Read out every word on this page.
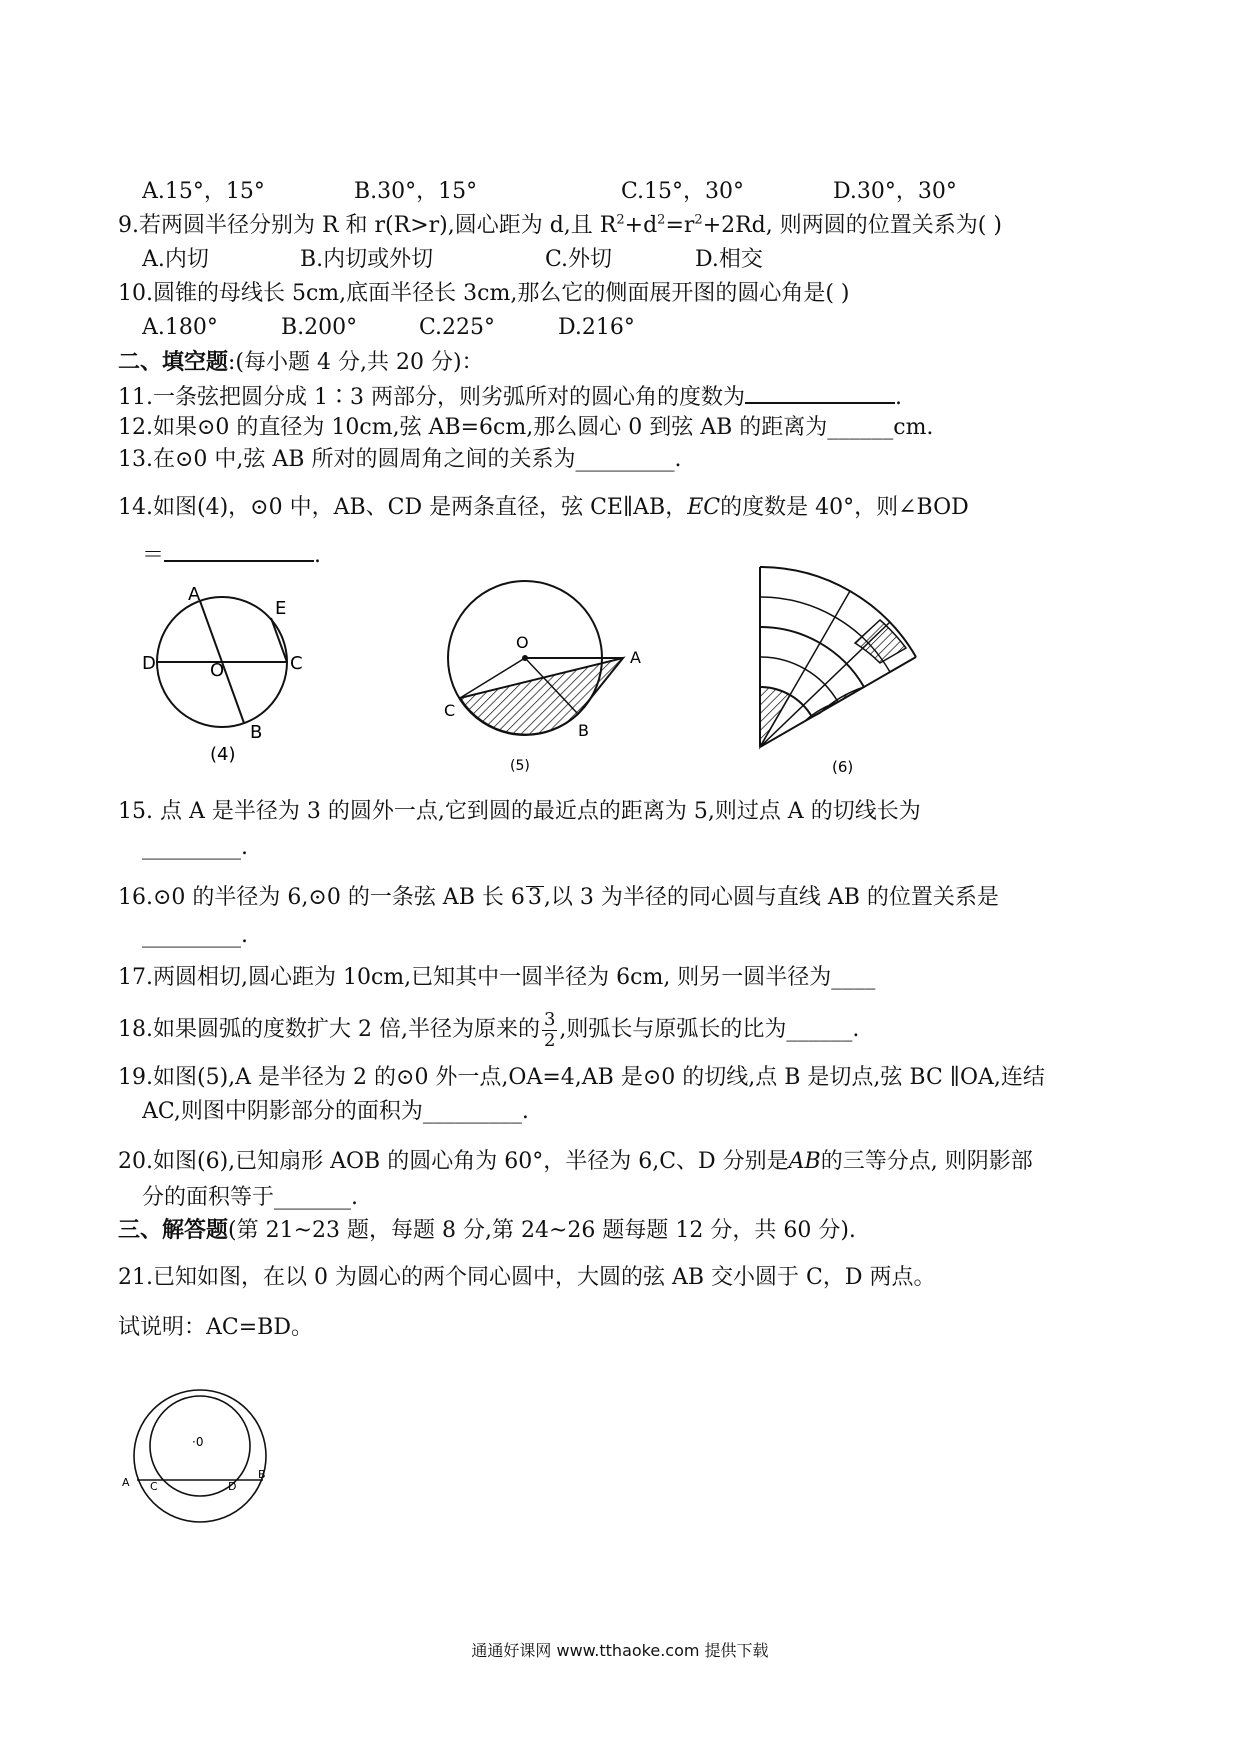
A.15°，15°	B.30°，15°	C.15°，30°	D.30°，30°
9.若两圆半径分别为 R 和 r(R>r),圆心距为 d,且 $R^2+d^2=r^2+2Rd$, 则两圆的位置关系为( )
A.内切	B.内切或外切	C.外切	D.相交
10.圆锥的母线长 5cm,底面半径长 3cm,那么它的侧面展开图的圆心角是( )
A.180°	B.200°	C.225°	D.216°
二、填空题:(每小题 4 分,共 20 分)：
11.一条弦把圆分成 1∶3 两部分，则劣弧所对的圆心角的度数为	.
12.如果⊙0 的直径为 10cm,弦 AB=6cm,那么圆心 0 到弦 AB 的距离为______cm.
13.在⊙0 中,弦 AB 所对的圆周角之间的关系为_________.
14.如图(4)，⊙0 中，AB、CD 是两条直径，弦 CE∥AB，EC的度数是 40°，则∠BOD
＝	.
A
E
D	O	C
B
(4)
O
A
C
B
(5)	(6)
15. 点 A 是半径为 3 的圆外一点,它到圆的最近点的距离为 5,则过点 A 的切线长为
_________.
16.⊙0 的半径为 6,⊙0 的一条弦 AB 长 6 3,以 3 为半径的同心圆与直线 AB 的位置关系是
_________.
17.两圆相切,圆心距为 10cm,已知其中一圆半径为 6cm, 则另一圆半径为____
18.如果圆弧的度数扩大 2 倍,半径为原来的 $\frac{3}{2}$ ,则弧长与原弧长的比为______.
19.如图(5),A 是半径为 2 的⊙0 外一点,OA=4,AB 是⊙0 的切线,点 B 是切点,弦 BC ∥OA,连结
AC,则图中阴影部分的面积为_________.
20.如图(6),已知扇形 AOB 的圆心角为 60°，半径为 6,C、D 分别是AB的三等分点, 则阴影部
分的面积等于_______.
三、解答题(第 21~23 题，每题 8 分,第 24~26 题每题 12 分，共 60 分).
21.已知如图，在以 0 为圆心的两个同心圆中，大圆的弦 AB 交小圆于 C，D 两点。
试说明：AC=BD。
·0
A C	D
B
通通好课网 www.tthaoke.com 提供下载
